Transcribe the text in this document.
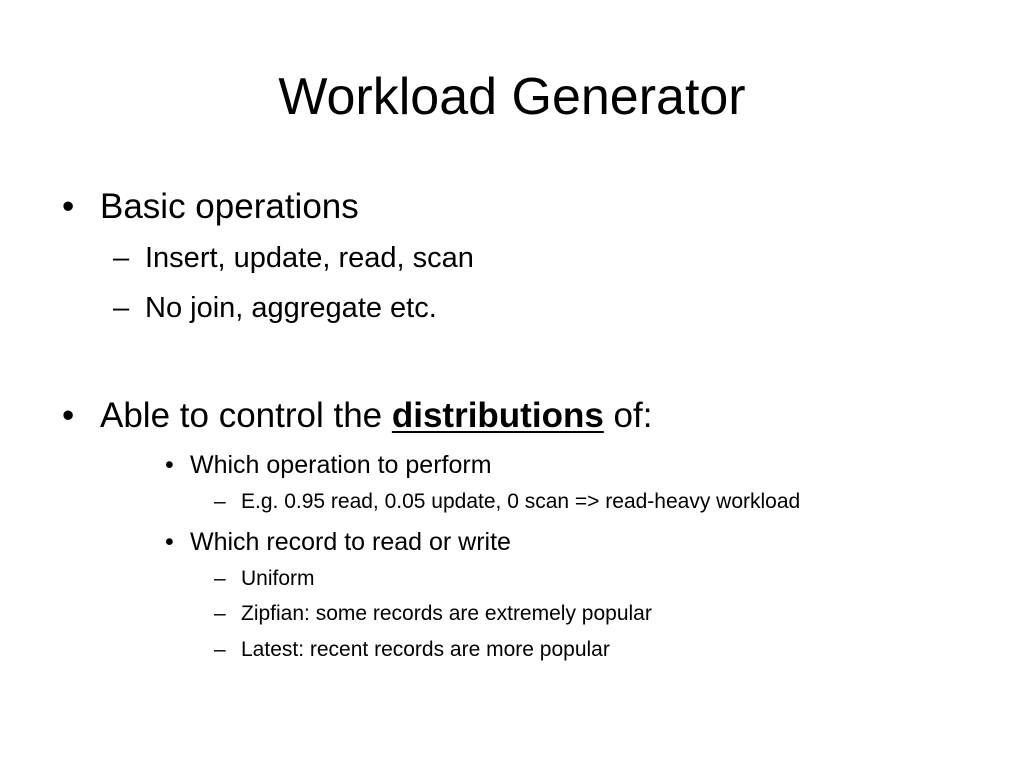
Workload Generator
• Basic operations
– Insert, update, read, scan
– No join, aggregate etc.
• Able to control the distributions of:
• Which operation to perform
– E.g. 0.95 read, 0.05 update, 0 scan => read-heavy workload
• Which record to read or write
– Uniform
– Zipfian: some records are extremely popular
– Latest: recent records are more popular
